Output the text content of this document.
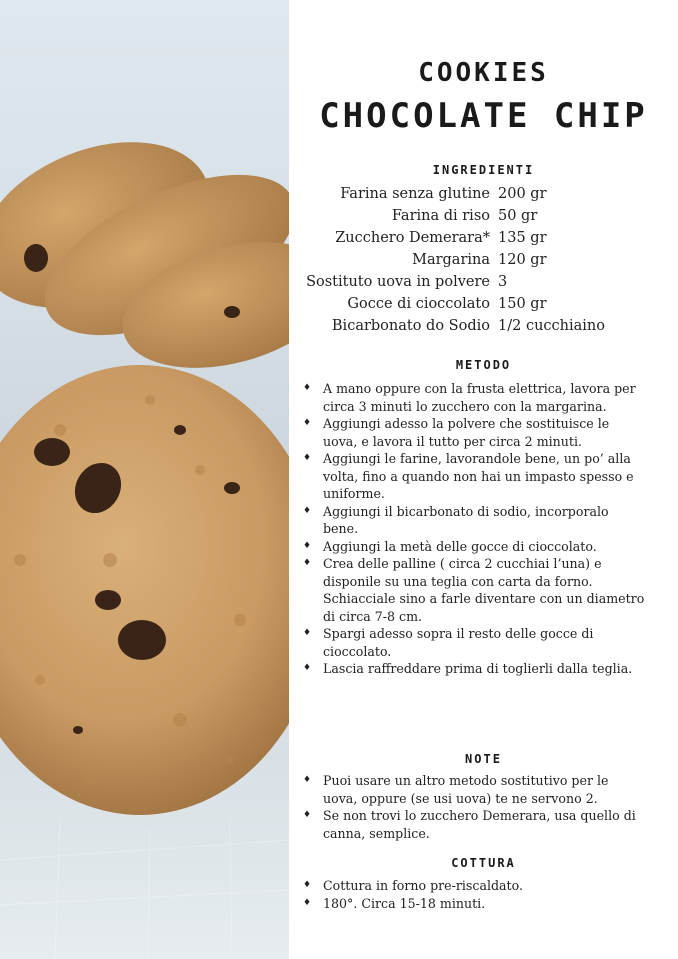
COOKIES
CHOCOLATE CHIP
INGREDIENTI
Farina senza glutine 200 gr
Farina di riso 50 gr
Zucchero Demerara* 135 gr
Margarina 120 gr
Sostituto uova in polvere 3
Gocce di cioccolato 150 gr
Bicarbonato do Sodio 1/2 cucchiaino
METODO
♦ A mano oppure con la frusta elettrica, lavora per circa 3 minuti lo zucchero con la margarina.
♦ Aggiungi adesso la polvere che sostituisce le uova, e lavora il tutto per circa 2 minuti.
♦ Aggiungi le farine, lavorandole bene, un po’ alla volta, fino a quando non hai un impasto spesso e uniforme.
♦ Aggiungi il bicarbonato di sodio, incorporalo bene.
♦ Aggiungi la metà delle gocce di cioccolato.
♦ Crea delle palline ( circa 2 cucchiai l’una) e disponile su una teglia con carta da forno. Schiacciale sino a farle diventare con un diametro di circa 7-8 cm.
♦ Spargi adesso sopra il resto delle gocce di cioccolato.
♦ Lascia raffreddare prima di toglierli dalla teglia.
NOTE
♦ Puoi usare un altro metodo sostitutivo per le uova, oppure (se usi uova) te ne servono 2.
♦ Se non trovi lo zucchero Demerara, usa quello di canna, semplice.
COTTURA
♦ Cottura in forno pre-riscaldato.
♦ 180°. Circa 15-18 minuti.
